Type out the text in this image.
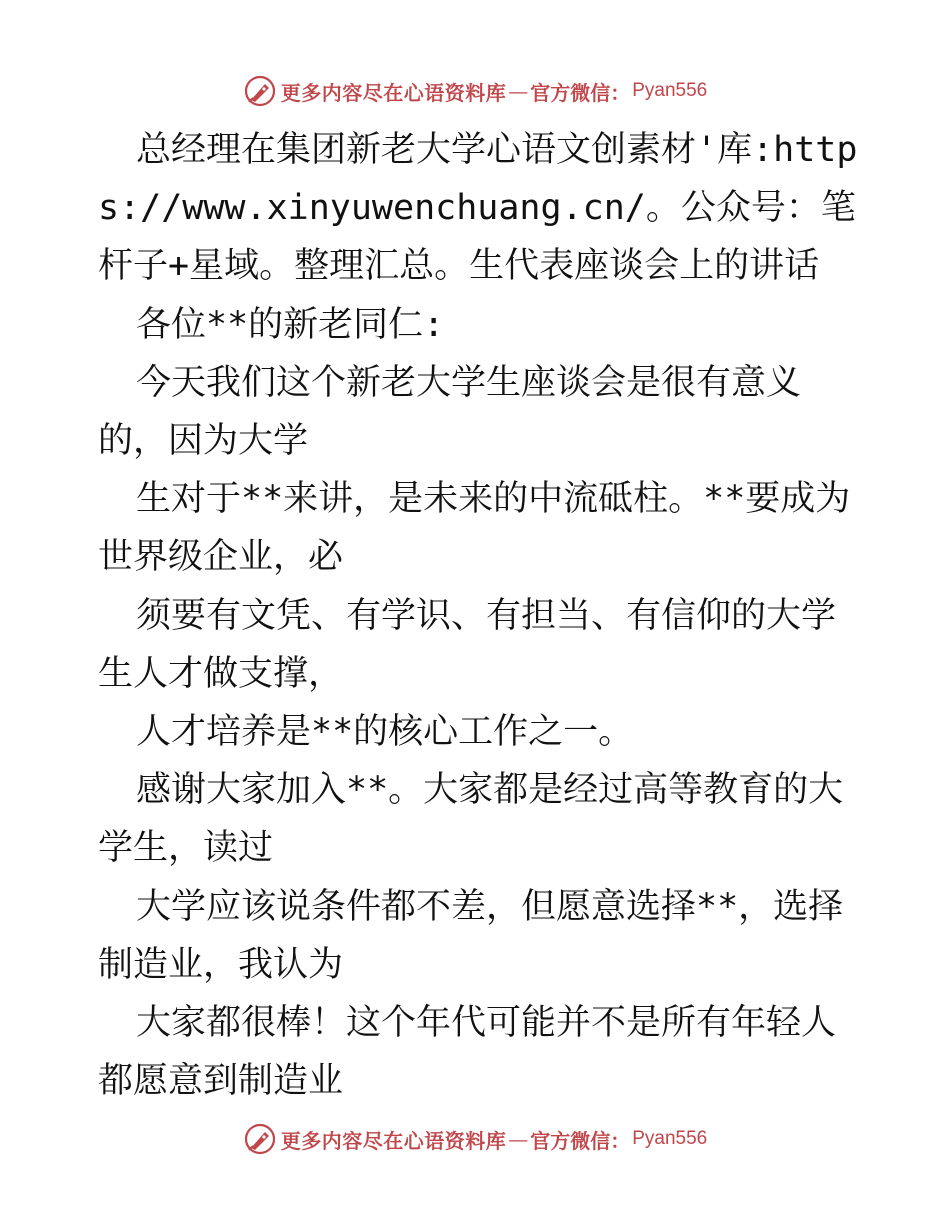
更多内容尽在心语资料库 — 官方微信： Pyan556

总经理在集团新老大学心语文创素材'库:https://www.xinyuwenchuang.cn/。公众号：笔杆子+星域。整理汇总。生代表座谈会上的讲话

各位**的新老同仁:

今天我们这个新老大学生座谈会是很有意义的，因为大学

生对于**来讲，是未来的中流砥柱。**要成为世界级企业，必

须要有文凭、有学识、有担当、有信仰的大学生人才做支撑，

人才培养是**的核心工作之一。

感谢大家加入**。大家都是经过高等教育的大学生，读过

大学应该说条件都不差，但愿意选择**，选择制造业，我认为

大家都很棒！这个年代可能并不是所有年轻人都愿意到制造业

更多内容尽在心语资料库 — 官方微信： Pyan556
